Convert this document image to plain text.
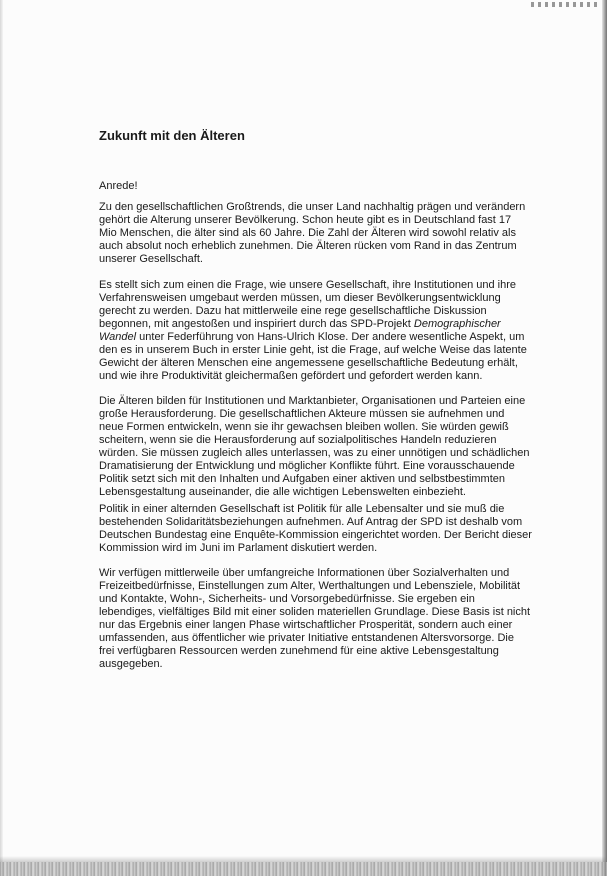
Zukunft mit den Älteren
Anrede!
Zu den gesellschaftlichen Großtrends, die unser Land nachhaltig prägen und verändern
gehört die Alterung unserer Bevölkerung. Schon heute gibt es in Deutschland fast 17
Mio Menschen, die älter sind als 60 Jahre. Die Zahl der Älteren wird sowohl relativ als
auch absolut noch erheblich zunehmen. Die Älteren rücken vom Rand in das Zentrum
unserer Gesellschaft.
Es stellt sich zum einen die Frage, wie unsere Gesellschaft, ihre Institutionen und ihre
Verfahrensweisen umgebaut werden müssen, um dieser Bevölkerungsentwicklung
gerecht zu werden. Dazu hat mittlerweile eine rege gesellschaftliche Diskussion
begonnen, mit angestoßen und inspiriert durch das SPD-Projekt Demographischer
Wandel unter Federführung von Hans-Ulrich Klose. Der andere wesentliche Aspekt, um
den es in unserem Buch in erster Linie geht, ist die Frage, auf welche Weise das latente
Gewicht der älteren Menschen eine angemessene gesellschaftliche Bedeutung erhält,
und wie ihre Produktivität gleichermaßen gefördert und gefordert werden kann.
Die Älteren bilden für Institutionen und Marktanbieter, Organisationen und Parteien eine
große Herausforderung. Die gesellschaftlichen Akteure müssen sie aufnehmen und
neue Formen entwickeln, wenn sie ihr gewachsen bleiben wollen. Sie würden gewiß
scheitern, wenn sie die Herausforderung auf sozialpolitisches Handeln reduzieren
würden. Sie müssen zugleich alles unterlassen, was zu einer unnötigen und schädlichen
Dramatisierung der Entwicklung und möglicher Konflikte führt. Eine vorausschauende
Politik setzt sich mit den Inhalten und Aufgaben einer aktiven und selbstbestimmten
Lebensgestaltung auseinander, die alle wichtigen Lebenswelten einbezieht.
Politik in einer alternden Gesellschaft ist Politik für alle Lebensalter und sie muß die
bestehenden Solidaritätsbeziehungen aufnehmen. Auf Antrag der SPD ist deshalb vom
Deutschen Bundestag eine Enquête-Kommission eingerichtet worden. Der Bericht dieser
Kommission wird im Juni im Parlament diskutiert werden.
Wir verfügen mittlerweile über umfangreiche Informationen über Sozialverhalten und
Freizeitbedürfnisse, Einstellungen zum Alter, Werthaltungen und Lebensziele, Mobilität
und Kontakte, Wohn-, Sicherheits- und Vorsorgebedürfnisse. Sie ergeben ein
lebendiges, vielfältiges Bild mit einer soliden materiellen Grundlage. Diese Basis ist nicht
nur das Ergebnis einer langen Phase wirtschaftlicher Prosperität, sondern auch einer
umfassenden, aus öffentlicher wie privater Initiative entstandenen Altersvorsorge. Die
frei verfügbaren Ressourcen werden zunehmend für eine aktive Lebensgestaltung
ausgegeben.
